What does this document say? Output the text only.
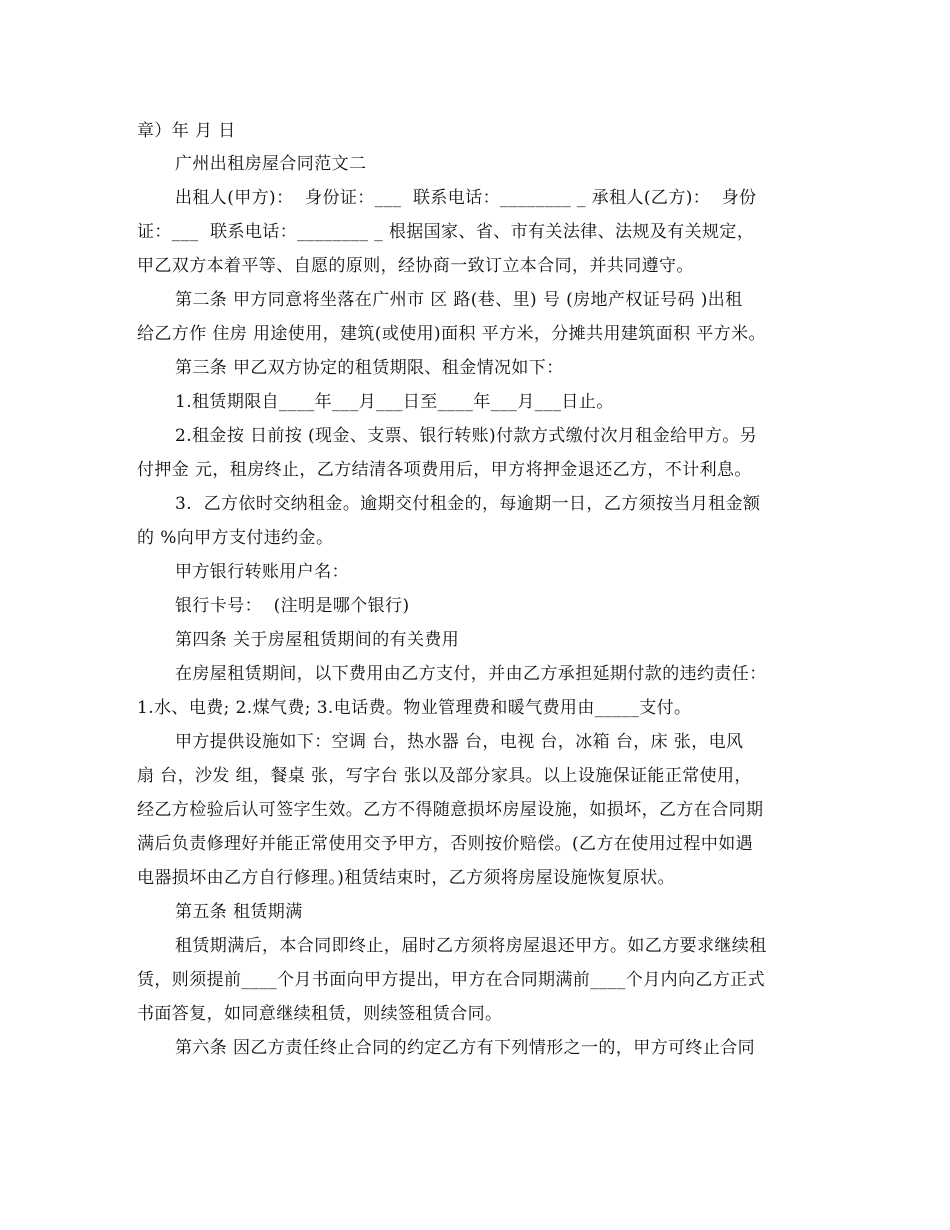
章）年 月 日
广州出租房屋合同范文二
出租人(甲方)：  身份证：___  联系电话：________ _ 承租人(乙方)：  身份
证：___  联系电话：________ _ 根据国家、省、市有关法律、法规及有关规定，
甲乙双方本着平等、自愿的原则，经协商一致订立本合同，并共同遵守。
第二条 甲方同意将坐落在广州市 区 路(巷、里) 号 (房地产权证号码 )出租
给乙方作 住房 用途使用，建筑(或使用)面积 平方米，分摊共用建筑面积 平方米。
第三条 甲乙双方协定的租赁期限、租金情况如下：
1.租赁期限自____年___月___日至____年___月___日止。
2.租金按 日前按 (现金、支票、银行转账)付款方式缴付次月租金给甲方。另
付押金 元，租房终止，乙方结清各项费用后，甲方将押金退还乙方，不计利息。
3.  乙方依时交纳租金。逾期交付租金的，每逾期一日，乙方须按当月租金额
的 %向甲方支付违约金。
甲方银行转账用户名：
银行卡号：  (注明是哪个银行)
第四条 关于房屋租赁期间的有关费用
在房屋租赁期间，以下费用由乙方支付，并由乙方承担延期付款的违约责任：
1.水、电费; 2.煤气费; 3.电话费。物业管理费和暖气费用由_____支付。
甲方提供设施如下：空调 台，热水器 台，电视 台，冰箱 台，床 张，电风
扇 台，沙发 组，餐桌 张，写字台 张以及部分家具。以上设施保证能正常使用，
经乙方检验后认可签字生效。乙方不得随意损坏房屋设施，如损坏，乙方在合同期
满后负责修理好并能正常使用交予甲方，否则按价赔偿。(乙方在使用过程中如遇
电器损坏由乙方自行修理。)租赁结束时，乙方须将房屋设施恢复原状。
第五条 租赁期满
租赁期满后，本合同即终止，届时乙方须将房屋退还甲方。如乙方要求继续租
赁，则须提前____个月书面向甲方提出，甲方在合同期满前____个月内向乙方正式
书面答复，如同意继续租赁，则续签租赁合同。
第六条 因乙方责任终止合同的约定乙方有下列情形之一的，甲方可终止合同
